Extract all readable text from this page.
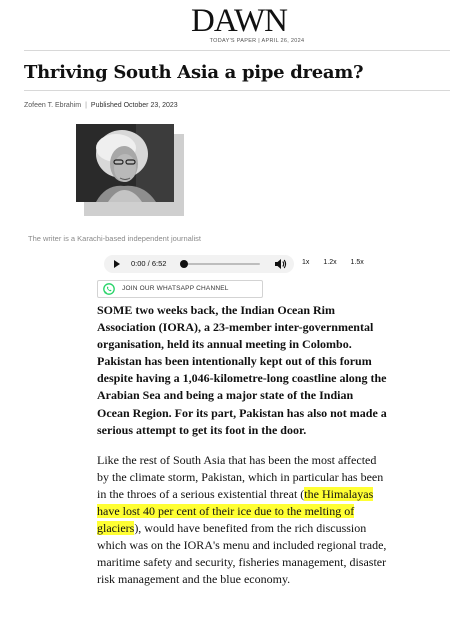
DAWN
TODAY'S PAPER | APRIL 26, 2024
Thriving South Asia a pipe dream?
Zofeen T. Ebrahim | Published October 23, 2023
The writer is a Karachi-based independent journalist
0:00 / 6:52	1x 1.2x 1.5x
JOIN OUR WHATSAPP CHANNEL

SOME two weeks back, the Indian Ocean Rim Association (IORA), a 23-member inter-governmental organisation, held its annual meeting in Colombo. Pakistan has been intentionally kept out of this forum despite having a 1,046-kilometre-long coastline along the Arabian Sea and being a major state of the Indian Ocean Region. For its part, Pakistan has also not made a serious attempt to get its foot in the door.

Like the rest of South Asia that has been the most affected by the climate storm, Pakistan, which in particular has been in the throes of a serious existential threat (the Himalayas have lost 40 per cent of their ice due to the melting of glaciers), would have benefited from the rich discussion which was on the IORA's menu and included regional trade, maritime safety and security, fisheries management, disaster risk management and the blue economy.
